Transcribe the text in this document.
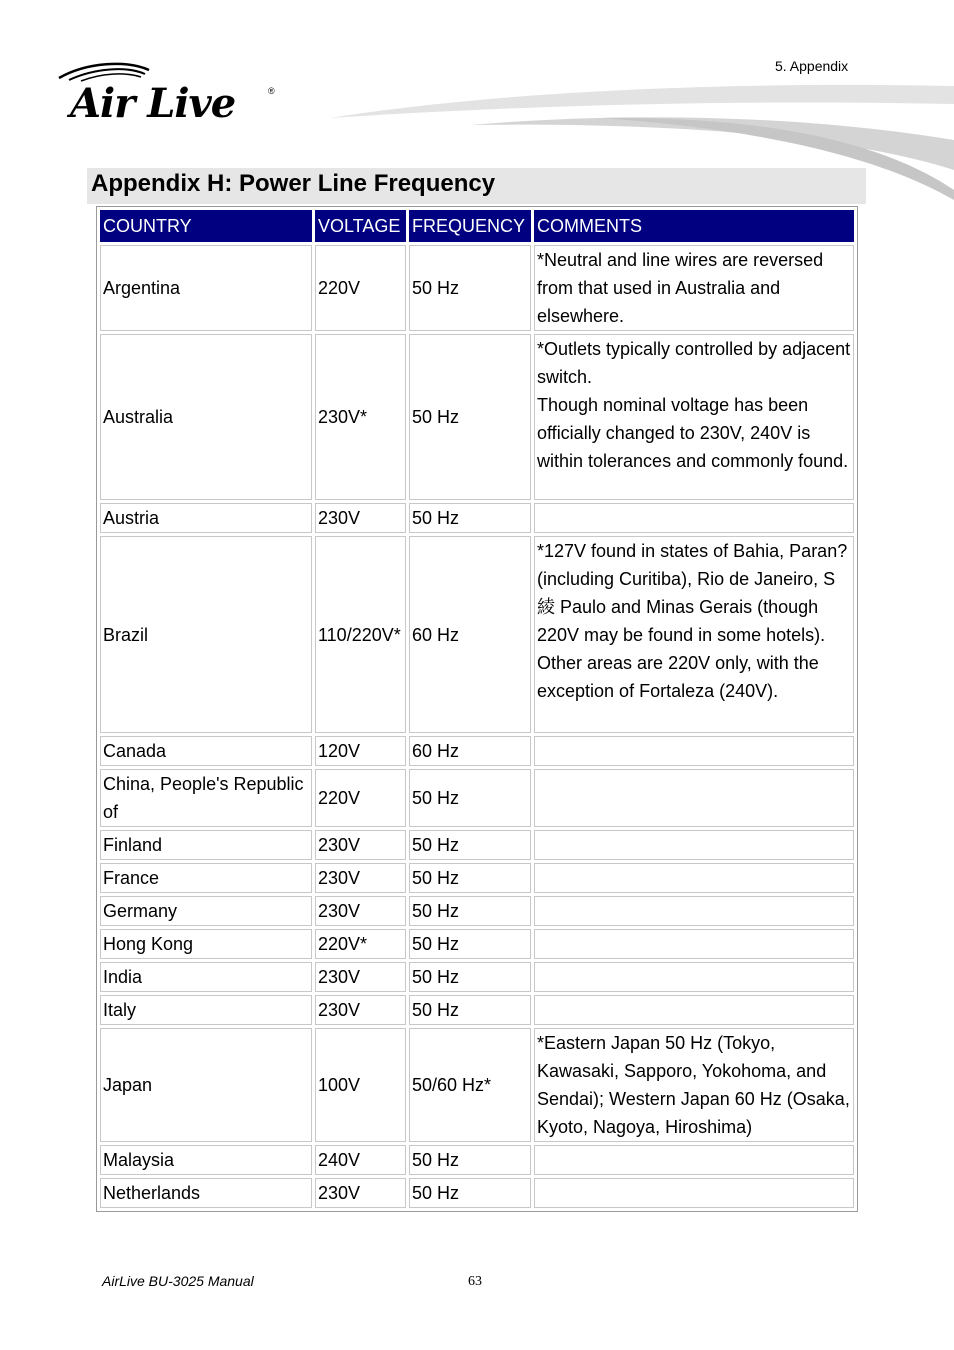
5. Appendix
Air Live	®
Appendix H: Power Line Frequency
COUNTRY	VOLTAGE	FREQUENCY	COMMENTS
Argentina	220V	50 Hz	*Neutral and line wires are reversed from that used in Australia and elsewhere.
Australia	230V*	50 Hz	*Outlets typically controlled by adjacent switch.
Though nominal voltage has been officially changed to 230V, 240V is within tolerances and commonly found.
Austria	230V	50 Hz	
Brazil	110/220V*	60 Hz	*127V found in states of Bahia, Paran? (including Curitiba), Rio de Janeiro, S 綾 Paulo and Minas Gerais (though 220V may be found in some hotels). Other areas are 220V only, with the exception of Fortaleza (240V).
Canada	120V	60 Hz	
China, People's Republic of	220V	50 Hz	
Finland	230V	50 Hz	
France	230V	50 Hz	
Germany	230V	50 Hz	
Hong Kong	220V*	50 Hz	
India	230V	50 Hz	
Italy	230V	50 Hz	
Japan	100V	50/60 Hz*	*Eastern Japan 50 Hz (Tokyo, Kawasaki, Sapporo, Yokohoma, and Sendai); Western Japan 60 Hz (Osaka, Kyoto, Nagoya, Hiroshima)
Malaysia	240V	50 Hz	
Netherlands	230V	50 Hz	
AirLive BU-3025 Manual	63
